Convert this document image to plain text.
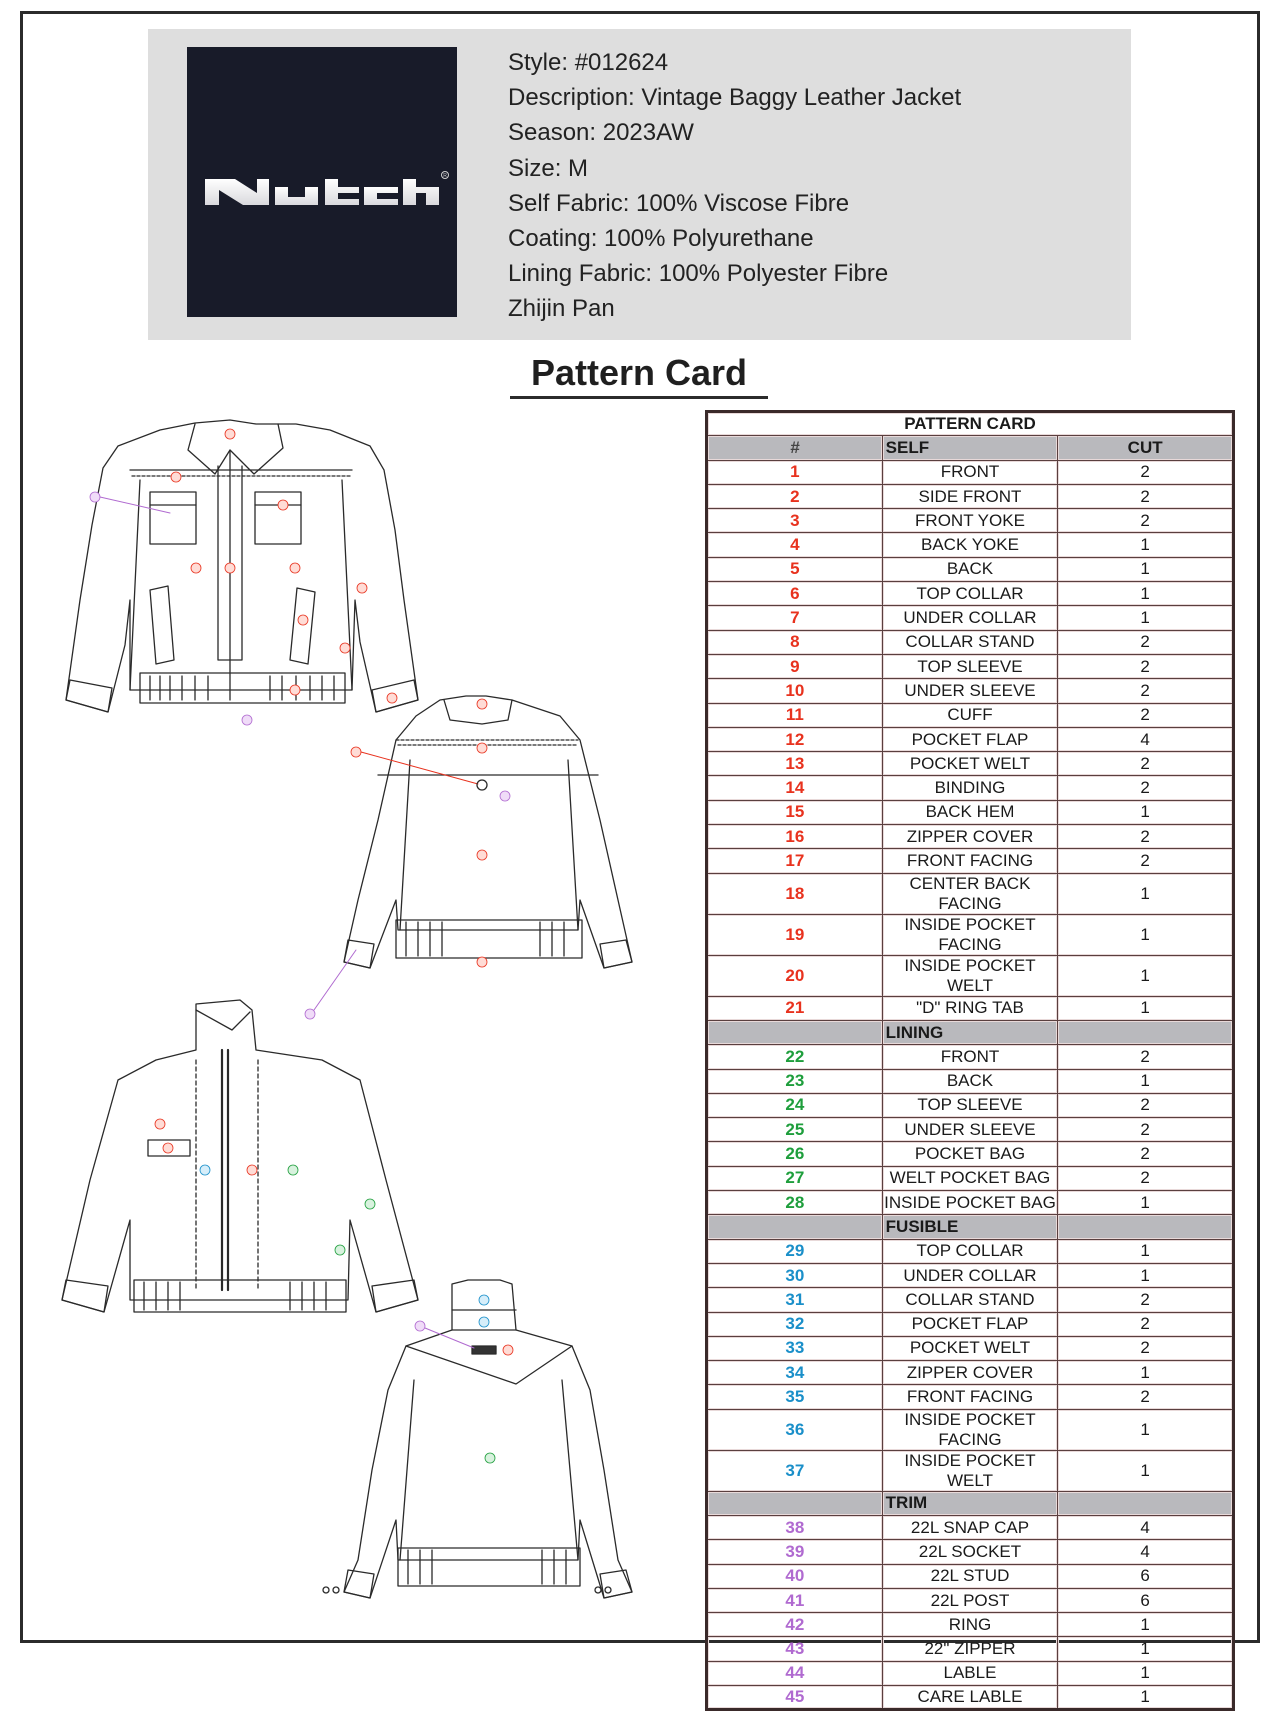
R
Style: #012624
Description: Vintage Baggy Leather Jacket
Season: 2023AW
Size: M
Self Fabric: 100% Viscose Fibre
Coating: 100% Polyurethane
Lining Fabric: 100% Polyester Fibre
Zhijin Pan
Pattern Card
PATTERN CARD		
#	SELF	CUT
1	FRONT	2
2	SIDE FRONT	2
3	FRONT YOKE	2
4	BACK YOKE	1
5	BACK	1
6	TOP COLLAR	1
7	UNDER COLLAR	1
8	COLLAR STAND	2
9	TOP SLEEVE	2
10	UNDER SLEEVE	2
11	CUFF	2
12	POCKET FLAP	4
13	POCKET WELT	2
14	BINDING	2
15	BACK HEM	1
16	ZIPPER COVER	2
17	FRONT FACING	2
18	CENTER BACK FACING	1
19	INSIDE POCKET FACING	1
20	INSIDE POCKET WELT	1
21	"D" RING TAB	1
	LINING	
22	FRONT	2
23	BACK	1
24	TOP SLEEVE	2
25	UNDER SLEEVE	2
26	POCKET BAG	2
27	WELT POCKET BAG	2
28	INSIDE POCKET BAG	1
	FUSIBLE	
29	TOP COLLAR	1
30	UNDER COLLAR	1
31	COLLAR STAND	2
32	POCKET FLAP	2
33	POCKET WELT	2
34	ZIPPER COVER	1
35	FRONT FACING	2
36	INSIDE POCKET FACING	1
37	INSIDE POCKET WELT	1
	TRIM	
38	22L SNAP CAP	4
39	22L SOCKET	4
40	22L STUD	6
41	22L POST	6
42	RING	1
43	22" ZIPPER	1
44	LABLE	1
45	CARE LABLE	1
